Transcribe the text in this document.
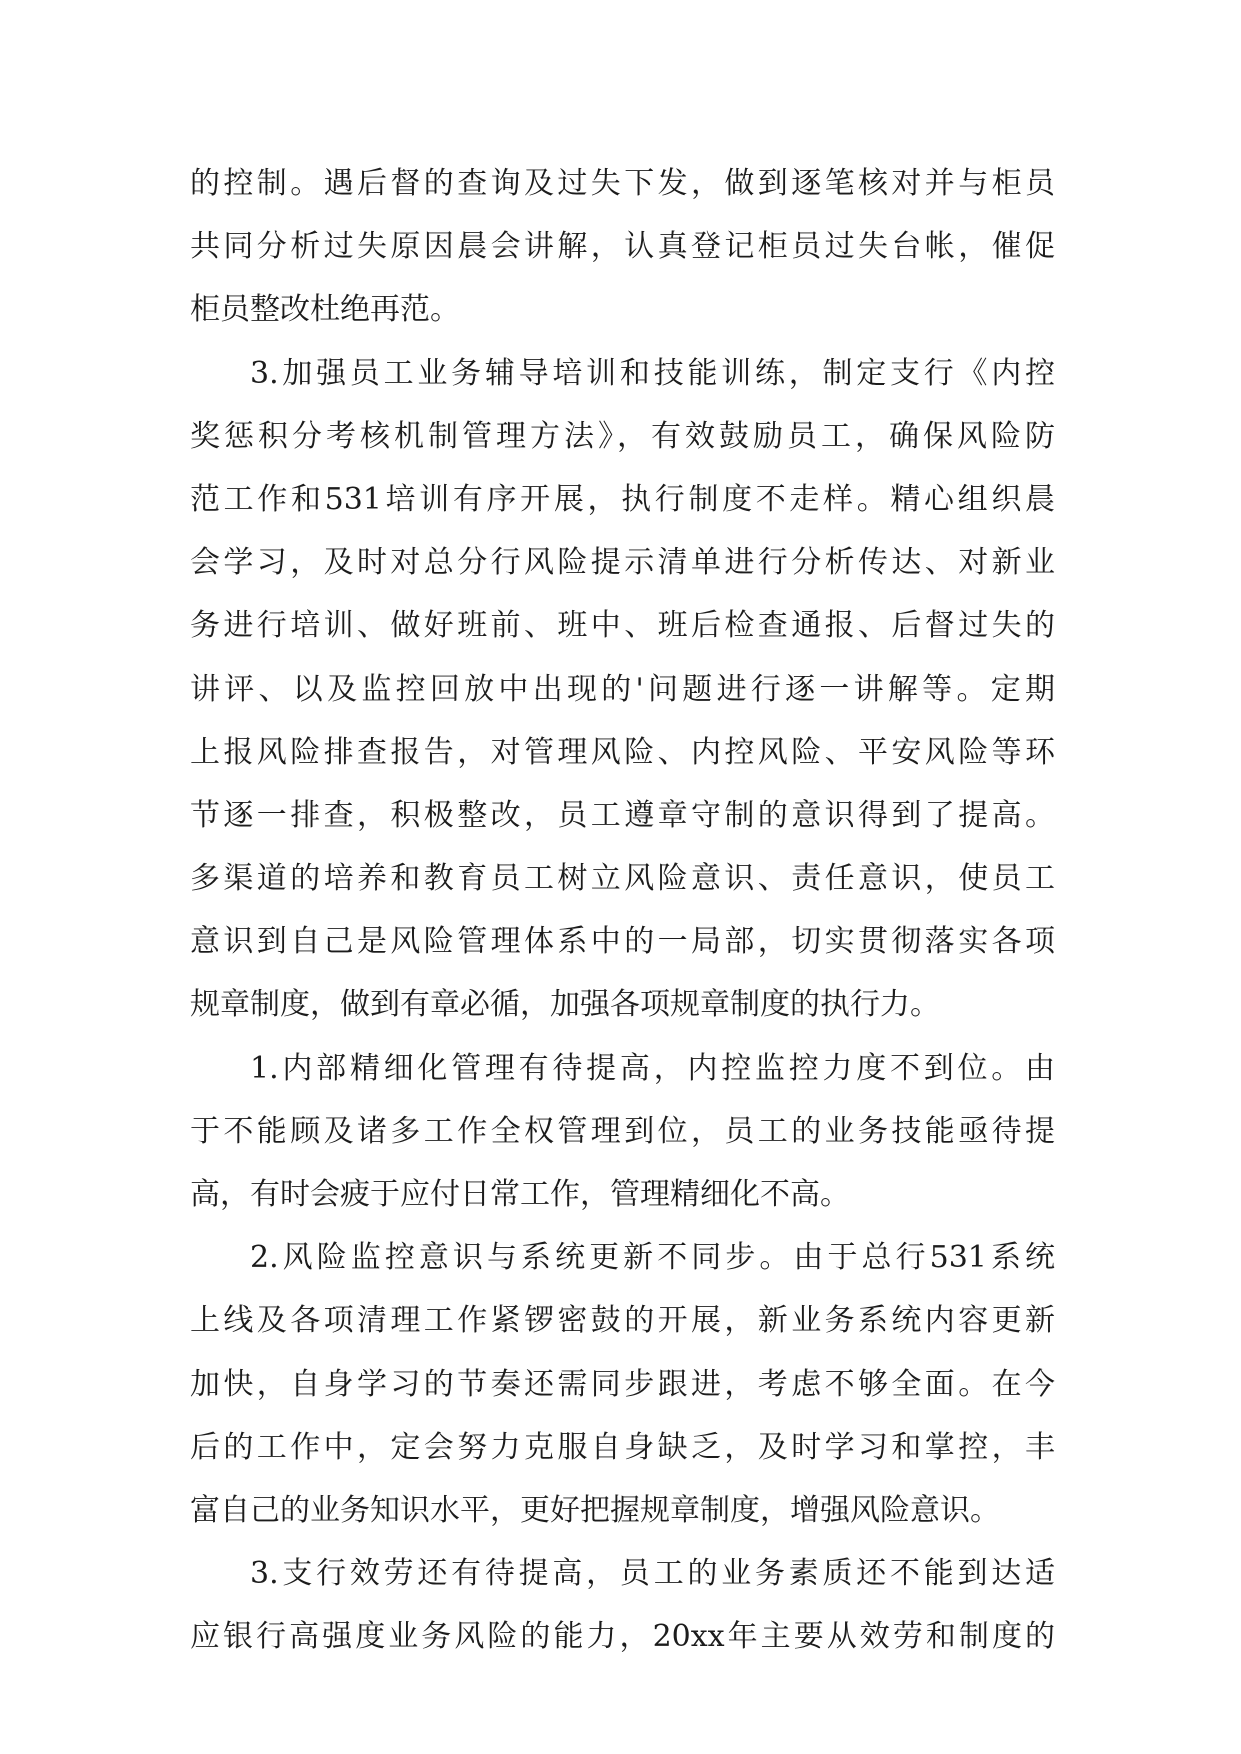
的控制。遇后督的查询及过失下发，做到逐笔核对并与柜员
共同分析过失原因晨会讲解，认真登记柜员过失台帐，催促
柜员整改杜绝再范。
3.加强员工业务辅导培训和技能训练，制定支行《内控
奖惩积分考核机制管理方法》，有效鼓励员工，确保风险防
范工作和531培训有序开展，执行制度不走样。精心组织晨
会学习，及时对总分行风险提示清单进行分析传达、对新业
务进行培训、做好班前、班中、班后检查通报、后督过失的
讲评、以及监控回放中出现的'问题进行逐一讲解等。定期
上报风险排查报告，对管理风险、内控风险、平安风险等环
节逐一排查，积极整改，员工遵章守制的意识得到了提高。
多渠道的培养和教育员工树立风险意识、责任意识，使员工
意识到自己是风险管理体系中的一局部，切实贯彻落实各项
规章制度，做到有章必循，加强各项规章制度的执行力。
1.内部精细化管理有待提高，内控监控力度不到位。由
于不能顾及诸多工作全权管理到位，员工的业务技能亟待提
高，有时会疲于应付日常工作，管理精细化不高。
2.风险监控意识与系统更新不同步。由于总行531系统
上线及各项清理工作紧锣密鼓的开展，新业务系统内容更新
加快，自身学习的节奏还需同步跟进，考虑不够全面。在今
后的工作中，定会努力克服自身缺乏，及时学习和掌控，丰
富自己的业务知识水平，更好把握规章制度，增强风险意识。
3.支行效劳还有待提高，员工的业务素质还不能到达适
应银行高强度业务风险的能力，20xx年主要从效劳和制度的
